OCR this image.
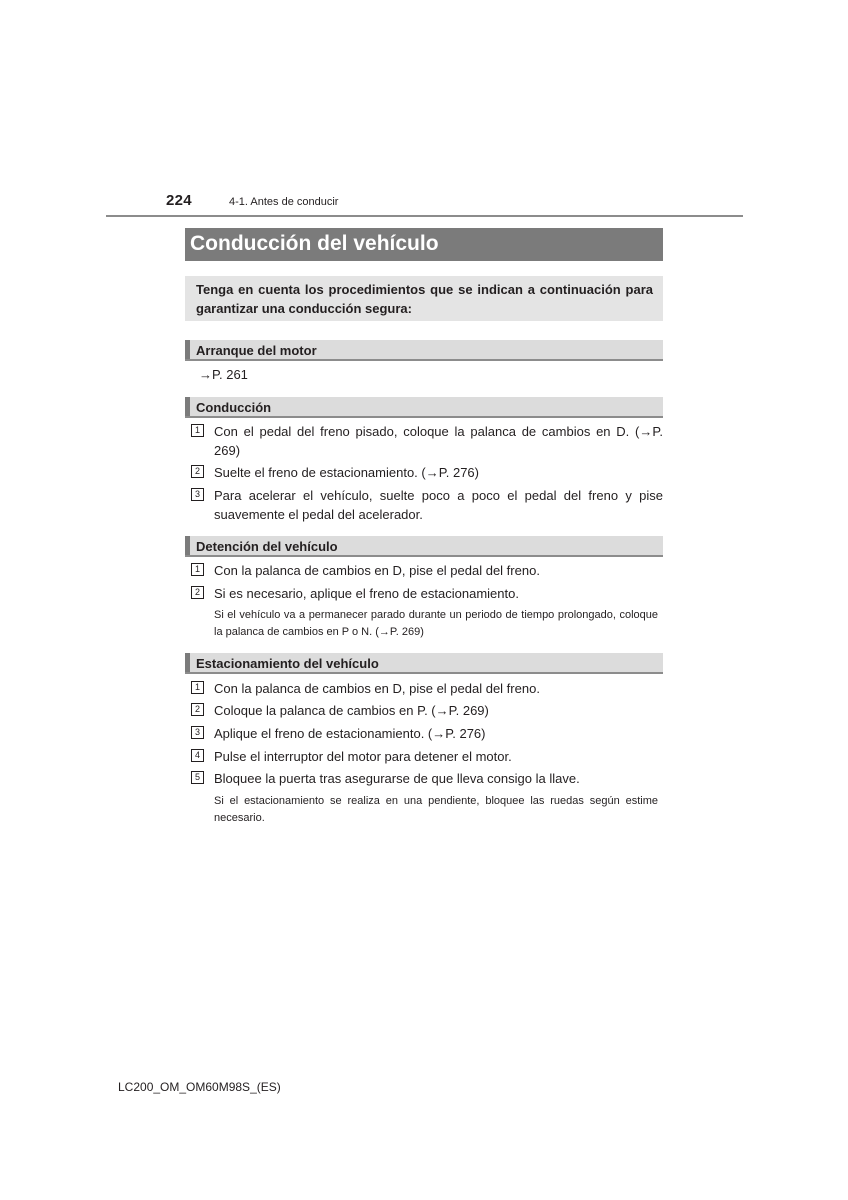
224	4-1. Antes de conducir
Conducción del vehículo
Tenga en cuenta los procedimientos que se indican a continuación para garantizar una conducción segura:
Arranque del motor
→P. 261
Conducción
1	Con el pedal del freno pisado, coloque la palanca de cambios en D. (→P. 269)
2	Suelte el freno de estacionamiento. (→P. 276)
3	Para acelerar el vehículo, suelte poco a poco el pedal del freno y pise suavemente el pedal del acelerador.
Detención del vehículo
1	Con la palanca de cambios en D, pise el pedal del freno.
2	Si es necesario, aplique el freno de estacionamiento.
Si el vehículo va a permanecer parado durante un periodo de tiempo prolongado, coloque la palanca de cambios en P o N. (→P. 269)
Estacionamiento del vehículo
1	Con la palanca de cambios en D, pise el pedal del freno.
2	Coloque la palanca de cambios en P. (→P. 269)
3	Aplique el freno de estacionamiento. (→P. 276)
4	Pulse el interruptor del motor para detener el motor.
5	Bloquee la puerta tras asegurarse de que lleva consigo la llave.
Si el estacionamiento se realiza en una pendiente, bloquee las ruedas según estime necesario.
LC200_OM_OM60M98S_(ES)
